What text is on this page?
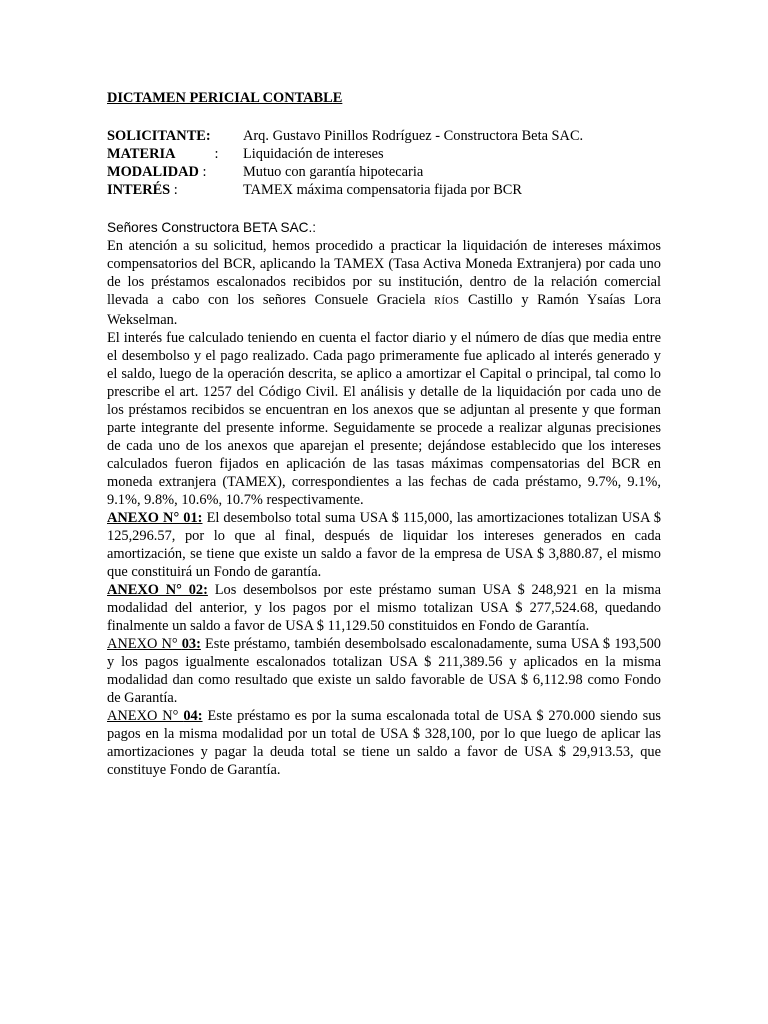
DICTAMEN PERICIAL CONTABLE
SOLICITANTE:	Arq. Gustavo Pinillos Rodríguez - Constructora Beta SAC.
MATERIA	:	Liquidación de intereses
MODALIDAD :	Mutuo con garantía hipotecaria
INTERÉS :	TAMEX máxima compensatoria fijada por BCR
Señores Constructora BETA SAC.:

En atención a su solicitud, hemos procedido a practicar la liquidación de intereses máximos compensatorios del BCR, aplicando la TAMEX (Tasa Activa Moneda Extranjera) por cada uno de los préstamos escalonados recibidos por su institución, dentro de la relación comercial llevada a cabo con los señores Consuele Graciela RÍOS Castillo y Ramón Ysaías Lora Wekselman.

El interés fue calculado teniendo en cuenta el factor diario y el número de días que media entre el desembolso y el pago realizado. Cada pago primeramente fue aplicado al interés generado y el saldo, luego de la operación descrita, se aplico a amortizar el Capital o principal, tal como lo prescribe el art. 1257 del Código Civil. El análisis y detalle de la liquidación por cada uno de los préstamos recibidos se encuentran en los anexos que se adjuntan al presente y que forman parte integrante del presente informe. Seguidamente se procede a realizar algunas precisiones de cada uno de los anexos que aparejan el presente; dejándose establecido que los intereses calculados fueron fijados en aplicación de las tasas máximas compensatorias del BCR en moneda extranjera (TAMEX), correspondientes a las fechas de cada préstamo, 9.7%, 9.1%, 9.1%, 9.8%, 10.6%, 10.7% respectivamente.

ANEXO N° 01: El desembolso total suma USA $ 115,000, las amortizaciones totalizan USA $ 125,296.57, por lo que al final, después de liquidar los intereses generados en cada amortización, se tiene que existe un saldo a favor de la empresa de USA $ 3,880.87, el mismo que constituirá un Fondo de garantía.

ANEXO N° 02: Los desembolsos por este préstamo suman USA $ 248,921 en la misma modalidad del anterior, y los pagos por el mismo totalizan USA $ 277,524.68, quedando finalmente un saldo a favor de USA $ 11,129.50 constituidos en Fondo de Garantía.

ANEXO N° 03: Este préstamo, también desembolsado escalonadamente, suma USA $ 193,500 y los pagos igualmente escalonados totalizan USA $ 211,389.56 y aplicados en la misma modalidad dan como resultado que existe un saldo favorable de USA $ 6,112.98 como Fondo de Garantía.

ANEXO N° 04: Este préstamo es por la suma escalonada total de USA $ 270.000 siendo sus pagos en la misma modalidad por un total de USA $ 328,100, por lo que luego de aplicar las amortizaciones y pagar la deuda total se tiene un saldo a favor de USA $ 29,913.53, que constituye Fondo de Garantía.
